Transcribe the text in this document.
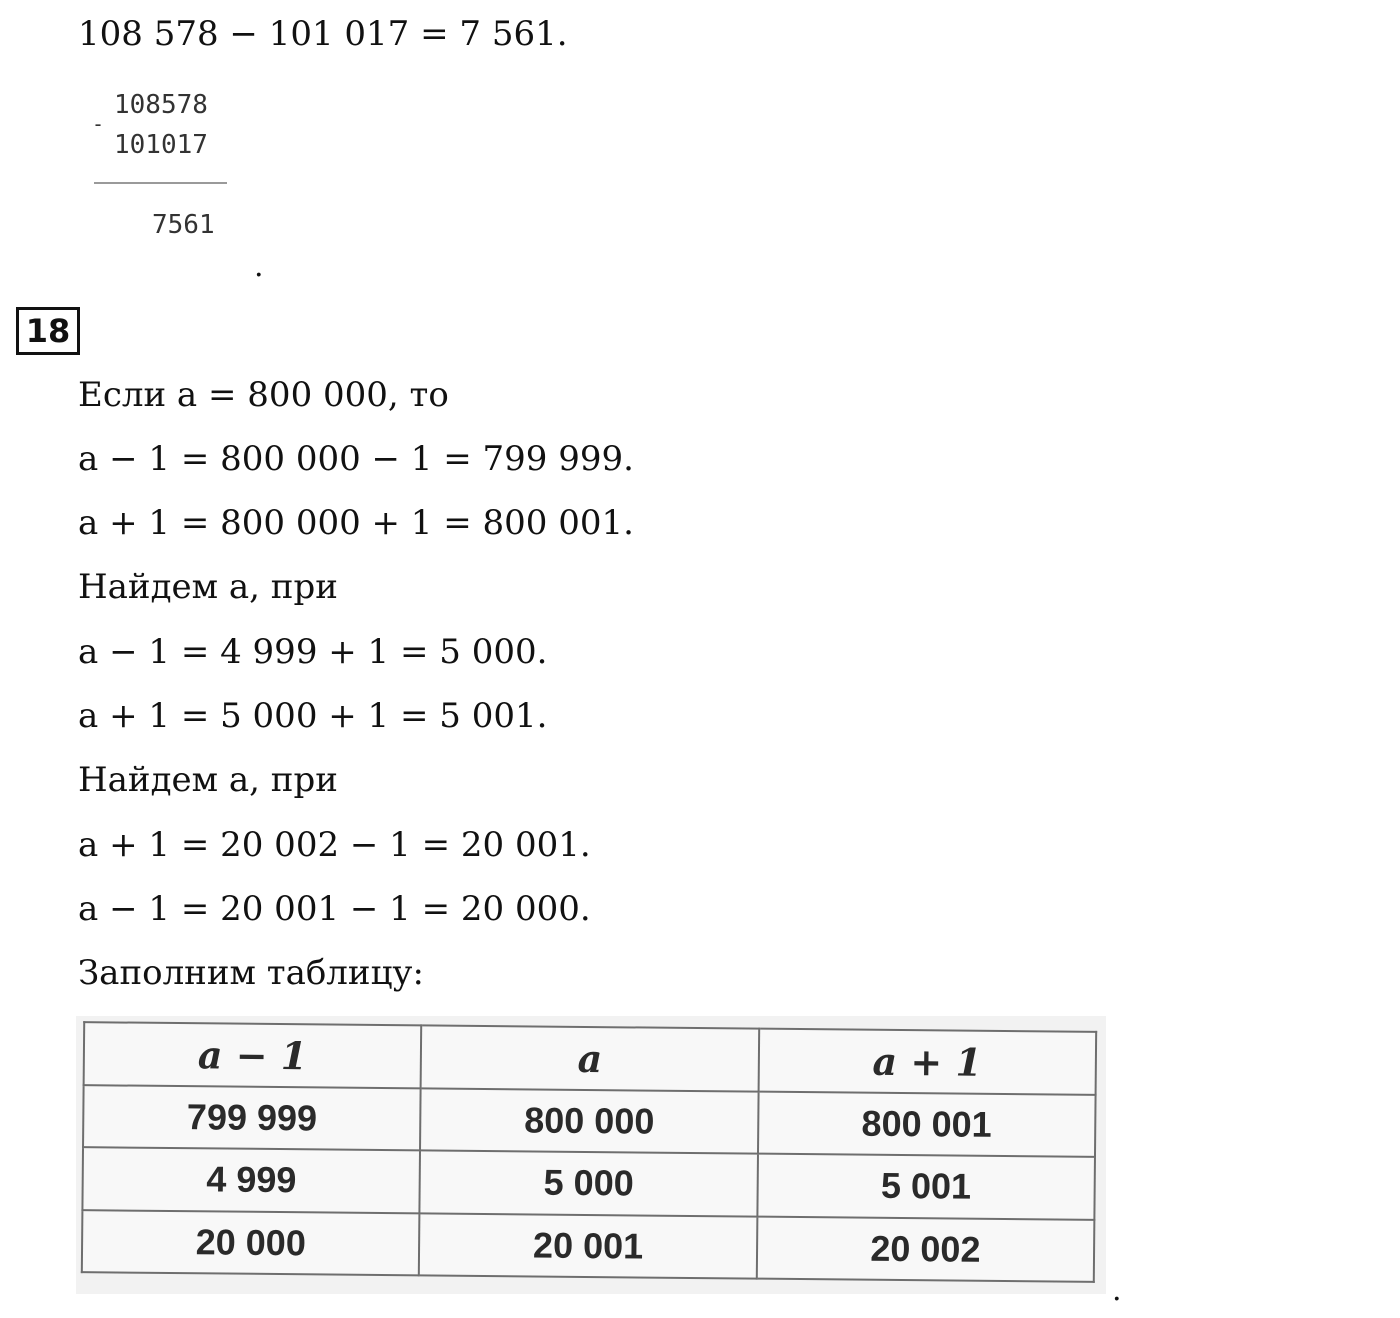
108 578 − 101 017 = 7 561.
-
108578
101017
7561
.
18
Если a = 800 000, то
a − 1 = 800 000 − 1 = 799 999.
a + 1 = 800 000 + 1 = 800 001.
Найдем a, при
a − 1 = 4 999 + 1 = 5 000.
a + 1 = 5 000 + 1 = 5 001.
Найдем a, при
a + 1 = 20 002 − 1 = 20 001.
a − 1 = 20 001 − 1 = 20 000.
Заполним таблицу:
a − 1	a	a + 1
799 999	800 000	800 001
4 999	5 000	5 001
20 000	20 001	20 002
.
